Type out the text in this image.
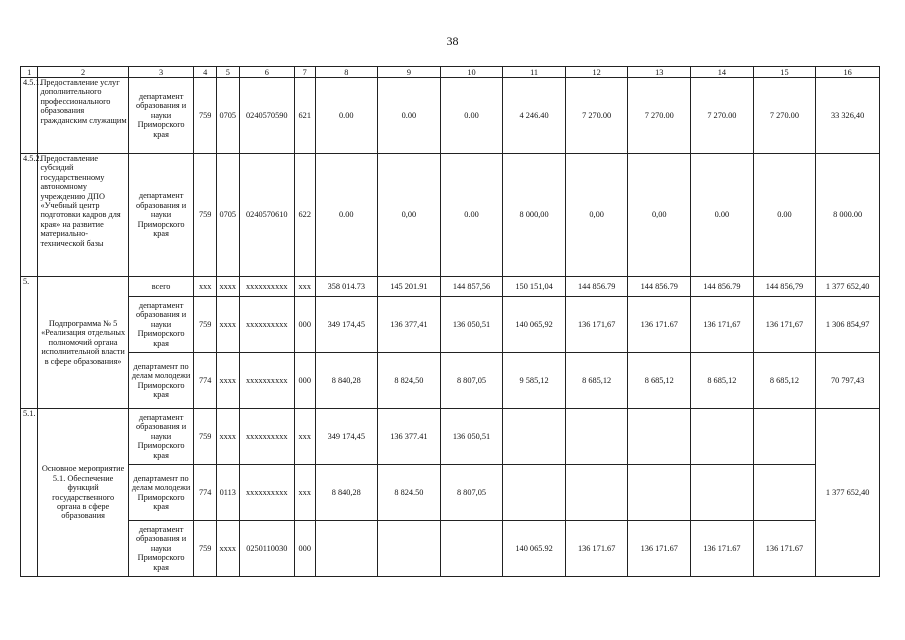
38
1	2	3	4	5	6	7	8	9	10	11	12	13	14	15	16
4.5.1.	Предоставление услуг дополнительного профессионального образования гражданским служащим	департамент образования и науки Приморского края	759	0705	0240570590	621	0.00	0.00	0.00	4 246.40	7 270.00	7 270.00	7 270.00	7 270.00	33 326,40
4.5.2.	Предоставление субсидий государственному автономному учреждению ДПО «Учебный центр подготовки кадров для края» на развитие материально-технической базы	департамент образования и науки Приморского края	759	0705	0240570610	622	0.00	0,00	0.00	8 000,00	0,00	0,00	0.00	0.00	8 000.00
5.	Подпрограмма № 5 «Реализация отдельных полномочий органа исполнительной власти в сфере образования»	всего	ххх	хххх	хххххххххх	ххх	358 014.73	145 201.91	144 857,56	150 151,04	144 856.79	144 856.79	144 856.79	144 856,79	1 377 652,40
		департамент образования и науки Приморского края	759	хххх	хххххххххх	000	349 174,45	136 377,41	136 050,51	140 065,92	136 171,67	136 171.67	136 171,67	136 171,67	1 306 854,97
		департамент по делам молодежи Приморского края	774	хххх	хххххххххх	000	8 840,28	8 824,50	8 807,05	9 585,12	8 685,12	8 685,12	8 685,12	8 685,12	70 797,43
5.1.	Основное мероприятие 5.1. Обеспечение функций государственного органа в сфере образования	департамент образования и науки Приморского края	759	хххх	хххххххххх	ххх	349 174,45	136 377.41	136 050,51						1 377 652,40
		департамент по делам молодежи Приморского края	774	0113	хххххххххх	ххх	8 840,28	8 824.50	8 807,05						
		департамент образования и науки Приморского края	759	хххх	0250110030	000				140 065.92	136 171.67	136 171.67	136 171.67	136 171.67	
